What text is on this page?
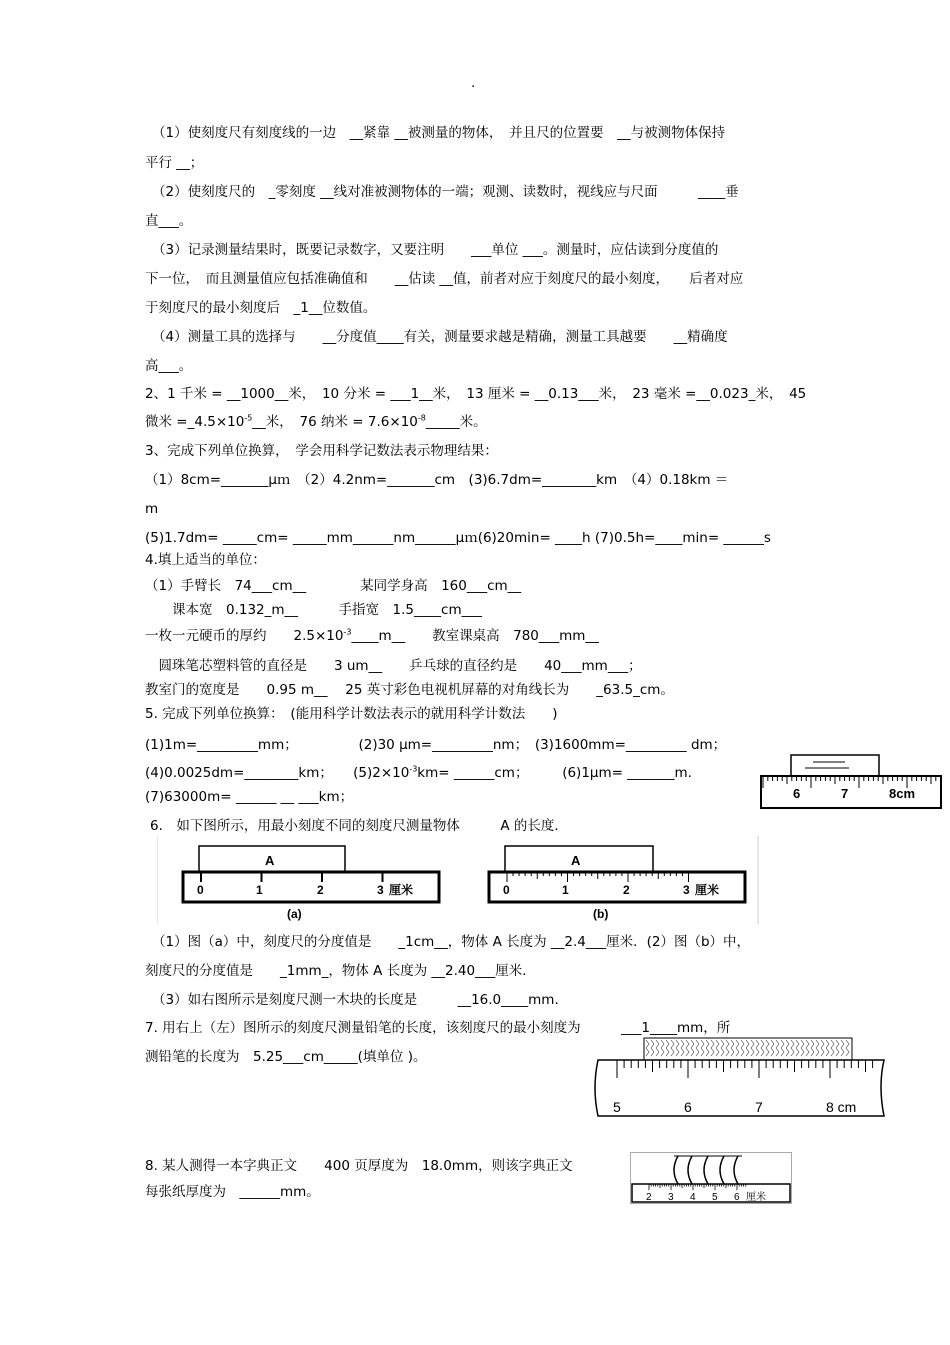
.
（1）使刻度尺有刻度线的一边　__紧靠 __被测量的物体，　并且尺的位置要　__与被测物体保持
平行 __；
（2）使刻度尺的　_零刻度 __线对准被测物体的一端；观测、读数时，视线应与尺面　　　____垂
直___。
（3）记录测量结果时，既要记录数字，又要注明　　___单位 ___。测量时，应估读到分度值的
下一位，　而且测量值应包括准确值和　　__估读 __值，前者对应于刻度尺的最小刻度，　　后者对应
于刻度尺的最小刻度后　_1__位数值。
（4）测量工具的选择与　　__分度值____有关，测量要求越是精确，测量工具越要　　__精确度
高___。
2、1 千米 = __1000__米，　10 分米 = ___1__米，　13 厘米 = __0.13___米，　23 毫米 =__0.023_米，　45
微米 $=\_4.5\times 10^{-5}\_\_$米，　76 纳米 = $7.6\times 10^{-8}\_\_\_\_\_$米。
3、完成下列单位换算，　学会用科学记数法表示物理结果：
（1）8cm=_______μｍ　（2）4.2nm=_______cm　(3)6.7dm=________km　（4）0.18km ＝
m
(5)1.7dm= _____cm= _____mm______nm______μｍ(6)20min= ____h (7)0.5h=____min= ______s
4.填上适当的单位：
（1）手臂长　74___cm__　　　　某同学身高　160___cm__
　　课本宽　0.132_m__　　　手指宽　1.5____cm___
一枚一元硬币的厚约　　$2.5\times 10^{-3}\_\_\_\_m\_\_$　　教室课桌高　780___mm__
　圆珠笔芯塑料管的直径是　　3 um__　　乒乓球的直径约是　　40___mm___；
教室门的宽度是　　0.95 m__　 25 英寸彩色电视机屏幕的对角线长为　　_63.5_cm。
5. 完成下列单位换算：　(能用科学计数法表示的就用科学计数法　　)
(1)1m=_________mm；　　　　　(2)30 μm=_________nm；　(3)1600mm=_________ dm；
(4)0.0025dm=________km；　　$(5)2\times 10^{-3}km=$ ______cm；　　　(6)1μm= _______m.
(7)63000m= ______ __ ___km；
6.　如下图所示，用最小刻度不同的刻度尺测量物体　　　A 的长度．
（1）图（a）中，刻度尺的分度值是　　_1cm__，物体 A 长度为 __2.4___厘米．(2）图（b）中，
刻度尺的分度值是　　_1mm_，物体 A 长度为 __2.40___厘米．
（3）如右图所示是刻度尺测一木块的长度是　　　__16.0____mm.
7. 用右上（左）图所示的刻度尺测量铅笔的长度，该刻度尺的最小刻度为　　　___1____mm，所
测铅笔的长度为　5.25___cm_____(填单位 )。
8. 某人测得一本字典正文　　400 页厚度为　18.0mm，则该字典正文
每张纸厚度为　______mm。
6	7	8cm
A
0	1	2	3 厘米
(a)
A
0	1	2	3 厘米
(b)
5	6	7	8 cm
2 3 4 5 6 厘米
